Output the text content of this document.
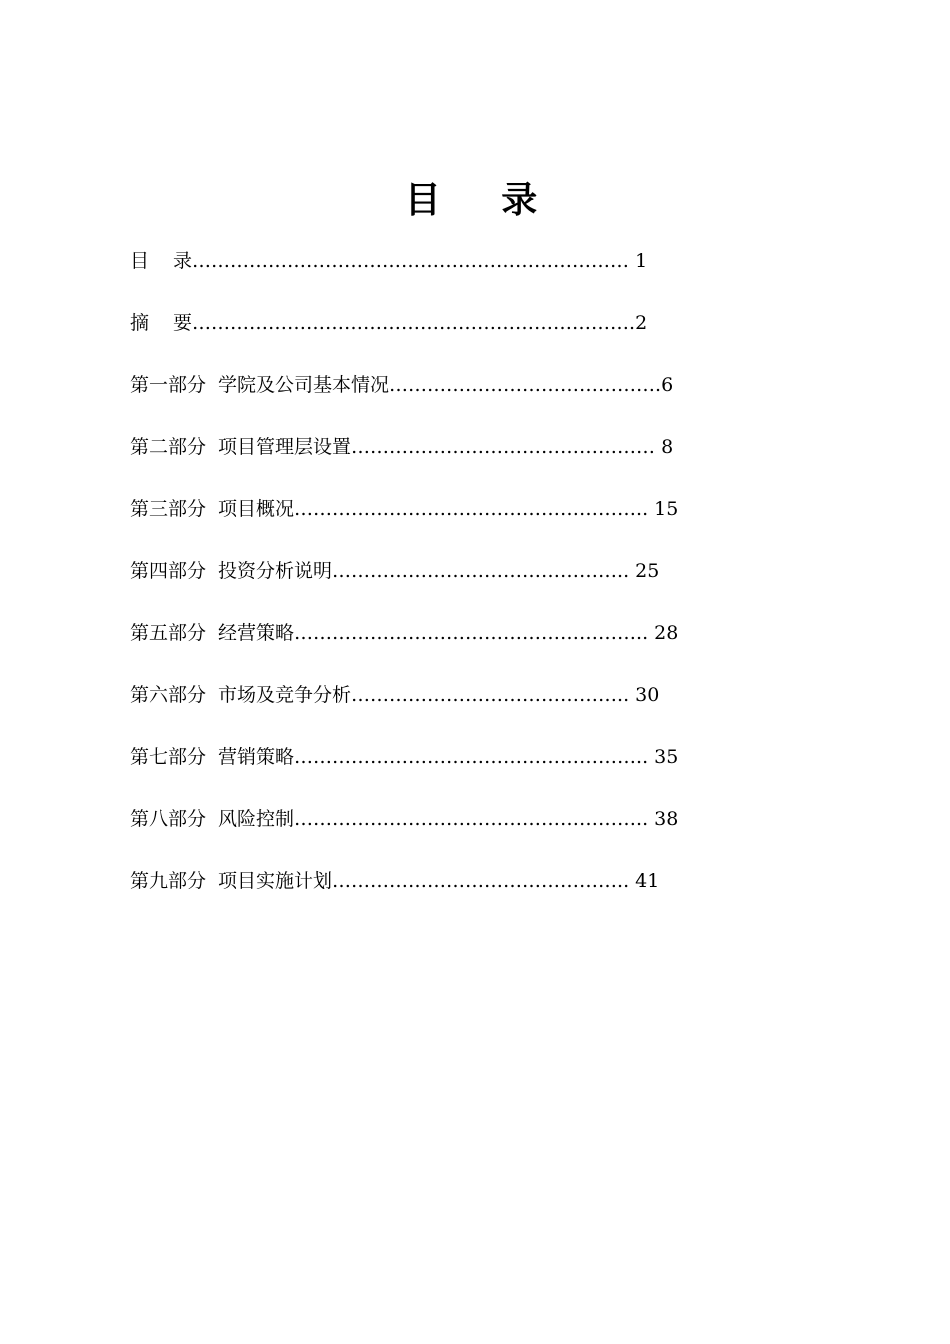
目 录
目 录…………………………………………………………… 1
摘 要…………………………………………………………….2
第一部分 学院及公司基本情况…………………………………….6
第二部分 项目管理层设置………………………………………… 8
第三部分 项目概况……………………………………………….. 15
第四部分 投资分析说明……………………………………….. 25
第五部分 经营策略……………………………………………….. 28
第六部分 市场及竞争分析…………………………………….. 30
第七部分 营销策略……………………………………………….. 35
第八部分 风险控制……………………………………………….. 38
第九部分 项目实施计划……………………………………….. 41
